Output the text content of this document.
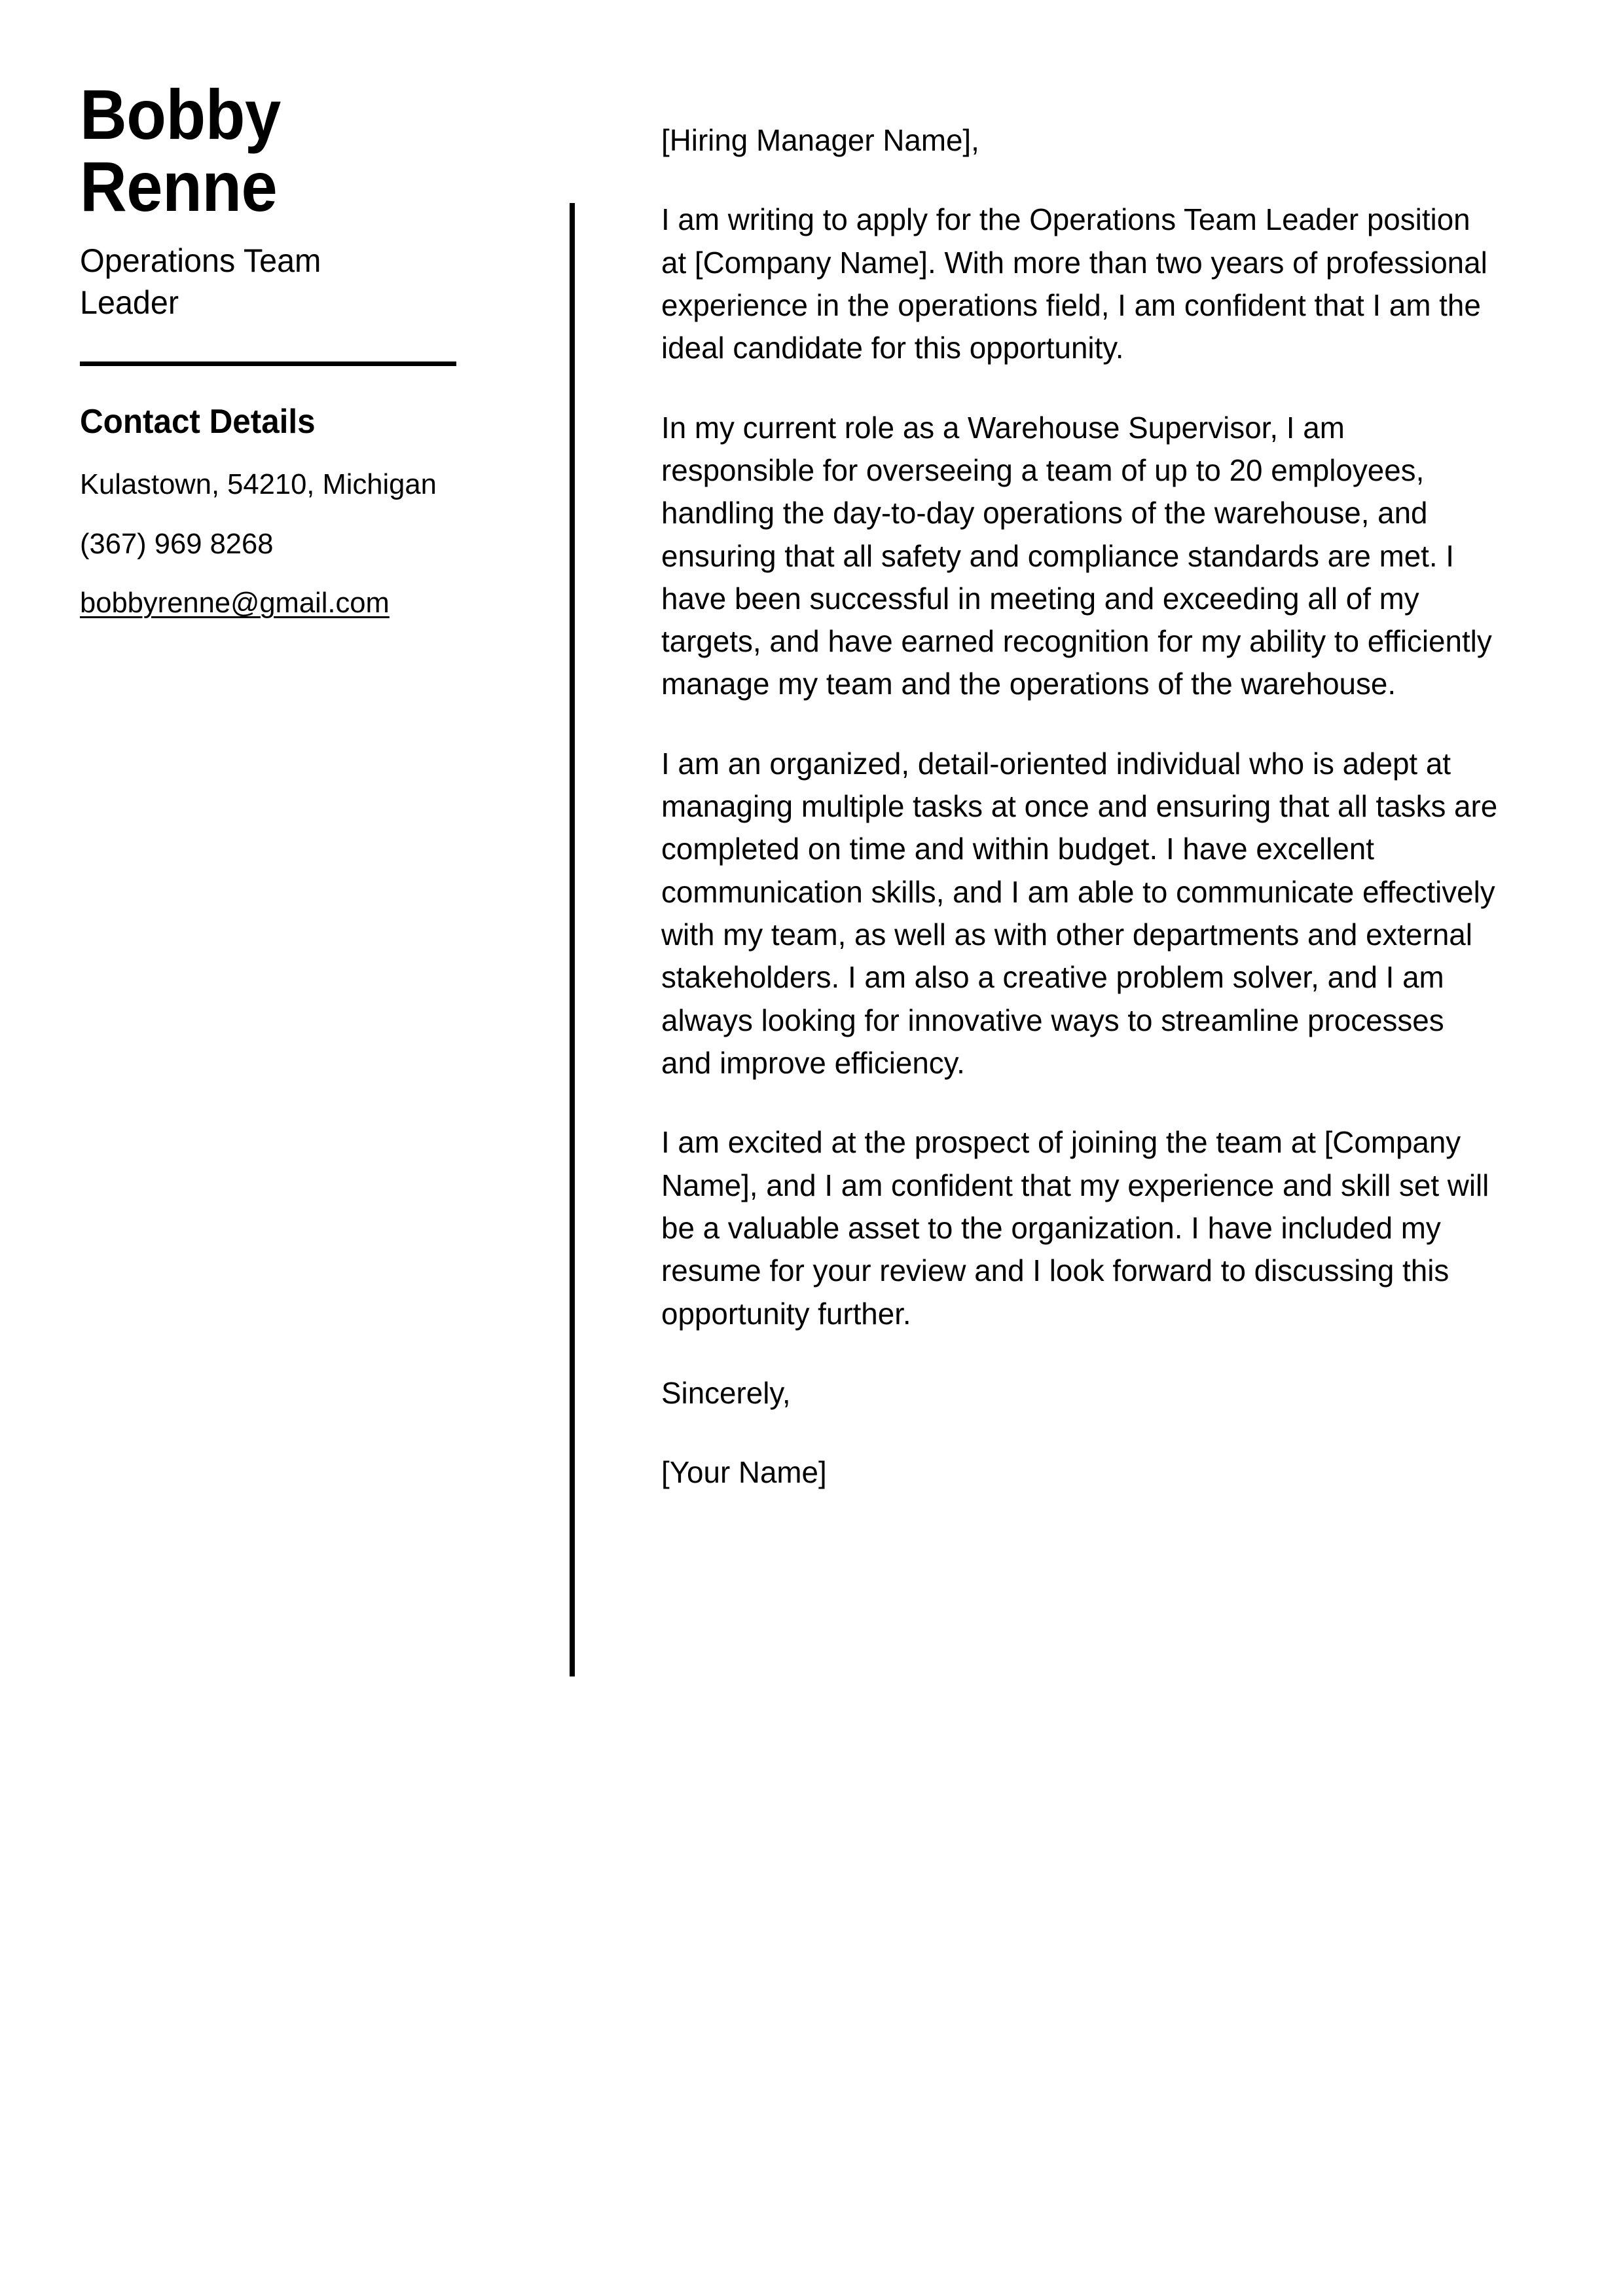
Bobby
Renne
Operations Team Leader
Contact Details
Kulastown, 54210, Michigan
(367) 969 8268
bobbyrenne@gmail.com

[Hiring Manager Name],

I am writing to apply for the Operations Team Leader position at [Company Name]. With more than two years of professional experience in the operations field, I am confident that I am the ideal candidate for this opportunity.

In my current role as a Warehouse Supervisor, I am responsible for overseeing a team of up to 20 employees, handling the day-to-day operations of the warehouse, and ensuring that all safety and compliance standards are met. I have been successful in meeting and exceeding all of my targets, and have earned recognition for my ability to efficiently manage my team and the operations of the warehouse.

I am an organized, detail-oriented individual who is adept at managing multiple tasks at once and ensuring that all tasks are completed on time and within budget. I have excellent communication skills, and I am able to communicate effectively with my team, as well as with other departments and external stakeholders. I am also a creative problem solver, and I am always looking for innovative ways to streamline processes and improve efficiency.

I am excited at the prospect of joining the team at [Company Name], and I am confident that my experience and skill set will be a valuable asset to the organization. I have included my resume for your review and I look forward to discussing this opportunity further.

Sincerely,

[Your Name]
